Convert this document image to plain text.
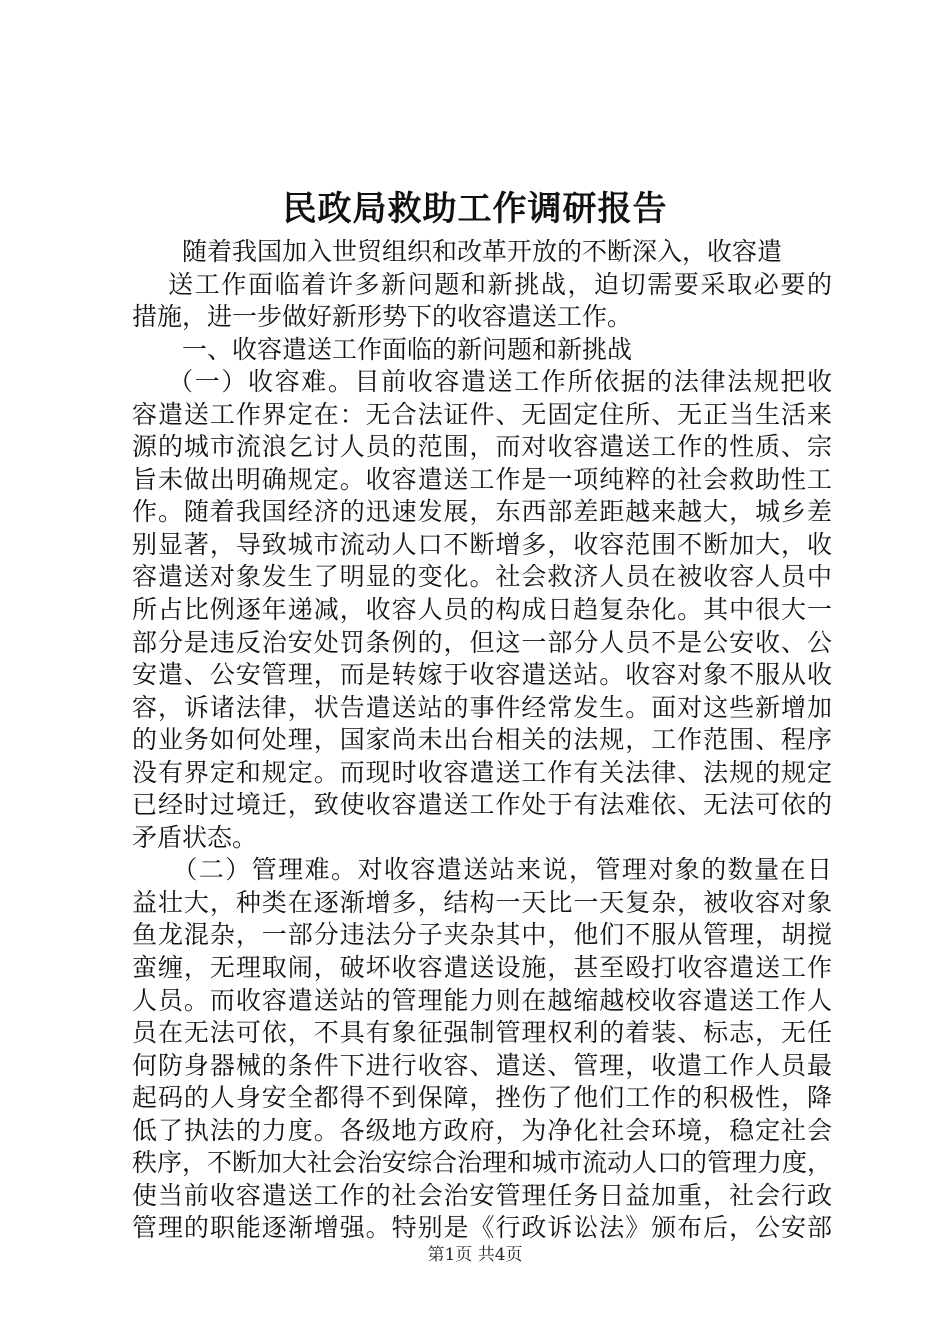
民政局救助工作调研报告
　　随着我国加入世贸组织和改革开放的不断深入，收容遣
　 送工作面临着许多新问题和新挑战，迫切需要采取必要的
措施，进一步做好新形势下的收容遣送工作。
　　一、收容遣送工作面临的新问题和新挑战
　 （一）收容难。目前收容遣送工作所依据的法律法规把收
容遣送工作界定在：无合法证件、无固定住所、无正当生活来
源的城市流浪乞讨人员的范围，而对收容遣送工作的性质、宗
旨未做出明确规定。收容遣送工作是一项纯粹的社会救助性工
作。随着我国经济的迅速发展，东西部差距越来越大，城乡差
别显著，导致城市流动人口不断增多，收容范围不断加大，收
容遣送对象发生了明显的变化。社会救济人员在被收容人员中
所占比例逐年递减，收容人员的构成日趋复杂化。其中很大一
部分是违反治安处罚条例的，但这一部分人员不是公安收、公
安遣、公安管理，而是转嫁于收容遣送站。收容对象不服从收
容，诉诸法律，状告遣送站的事件经常发生。面对这些新增加
的业务如何处理，国家尚未出台相关的法规，工作范围、程序
没有界定和规定。而现时收容遣送工作有关法律、法规的规定
已经时过境迁，致使收容遣送工作处于有法难依、无法可依的
矛盾状态。
　　（二）管理难。对收容遣送站来说，管理对象的数量在日
益壮大，种类在逐渐增多，结构一天比一天复杂，被收容对象
鱼龙混杂，一部分违法分子夹杂其中，他们不服从管理，胡搅
蛮缠，无理取闹，破坏收容遣送设施，甚至殴打收容遣送工作
人员。而收容遣送站的管理能力则在越缩越校收容遣送工作人
员在无法可依，不具有象征强制管理权利的着装、标志，无任
何防身器械的条件下进行收容、遣送、管理，收遣工作人员最
起码的人身安全都得不到保障，挫伤了他们工作的积极性，降
低了执法的力度。各级地方政府，为净化社会环境，稳定社会
秩序，不断加大社会治安综合治理和城市流动人口的管理力度，
使当前收容遣送工作的社会治安管理任务日益加重，社会行政
管理的职能逐渐增强。特别是《行政诉讼法》颁布后，公安部
第1页 共4页
